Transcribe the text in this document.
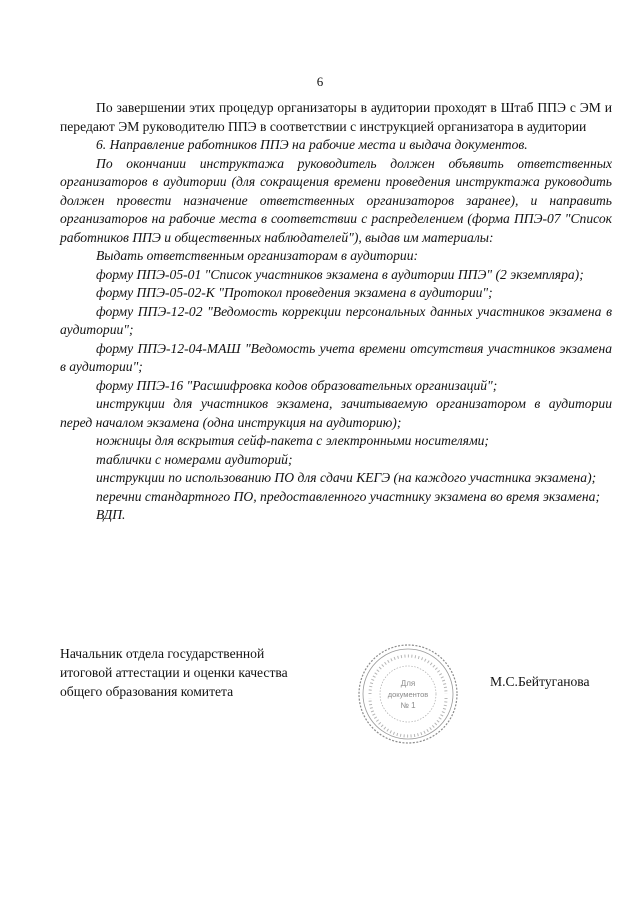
6

По завершении этих процедур организаторы в аудитории проходят в Штаб ППЭ с ЭМ и передают ЭМ руководителю ППЭ в соответствии с инструкцией организатора в аудитории

6. Направление работников ППЭ на рабочие места и выдача документов.

По окончании инструктажа руководитель должен объявить ответственных организаторов в аудитории (для сокращения времени проведения инструктажа руководить должен провести назначение ответственных организаторов заранее), и направить организаторов на рабочие места в соответствии с распределением (форма ППЭ-07 "Список работников ППЭ и общественных наблюдателей"), выдав им материалы:

Выдать ответственным организаторам в аудитории:

форму ППЭ-05-01 "Список участников экзамена в аудитории ППЭ" (2 экземпляра);

форму ППЭ-05-02-К "Протокол проведения экзамена в аудитории";

форму ППЭ-12-02 "Ведомость коррекции персональных данных участников экзамена в аудитории";

форму ППЭ-12-04-МАШ "Ведомость учета времени отсутствия участников экзамена в аудитории";

форму ППЭ-16 "Расшифровка кодов образовательных организаций";

инструкции для участников экзамена, зачитываемую организатором в аудитории перед началом экзамена (одна инструкция на аудиторию);

ножницы для вскрытия сейф-пакета с электронными носителями;

таблички с номерами аудиторий;

инструкции по использованию ПО для сдачи КЕГЭ (на каждого участника экзамена);

перечни стандартного ПО, предоставленного участнику экзамена во время экзамена;

ВДП.

Начальник отдела государственной
итоговой аттестации и оценки качества
общего образования комитета
Для
документов
№ 1
М.С.Бейтуганова
